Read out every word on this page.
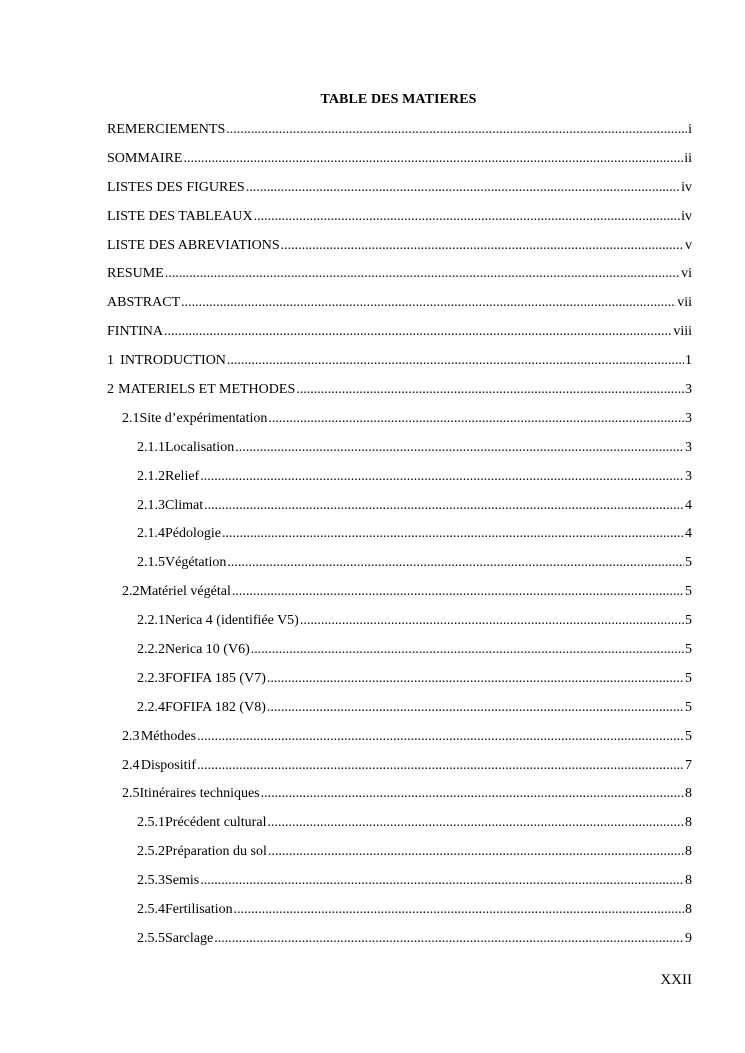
TABLE DES MATIERES
REMERCIEMENTS .....	i
SOMMAIRE .....	ii
LISTES DES FIGURES .....	iv
LISTE DES TABLEAUX .....	iv
LISTE DES ABREVIATIONS .....	v
RESUME .....	vi
ABSTRACT .....	vii
FINTINA .....	viii
1 INTRODUCTION .....	1
2 MATERIELS ET METHODES .....	3
2.1 Site d’expérimentation .....	3
2.1.1 Localisation .....	3
2.1.2 Relief .....	3
2.1.3 Climat .....	4
2.1.4 Pédologie .....	4
2.1.5 Végétation .....	5
2.2 Matériel végétal .....	5
2.2.1 Nerica 4 (identifiée V5) .....	5
2.2.2 Nerica 10 (V6) .....	5
2.2.3 FOFIFA 185 (V7) .....	5
2.2.4 FOFIFA 182 (V8) .....	5
2.3 Méthodes .....	5
2.4 Dispositif .....	7
2.5 Itinéraires techniques .....	8
2.5.1 Précédent cultural .....	8
2.5.2 Préparation du sol .....	8
2.5.3 Semis .....	8
2.5.4 Fertilisation .....	8
2.5.5 Sarclage .....	9
XXII
